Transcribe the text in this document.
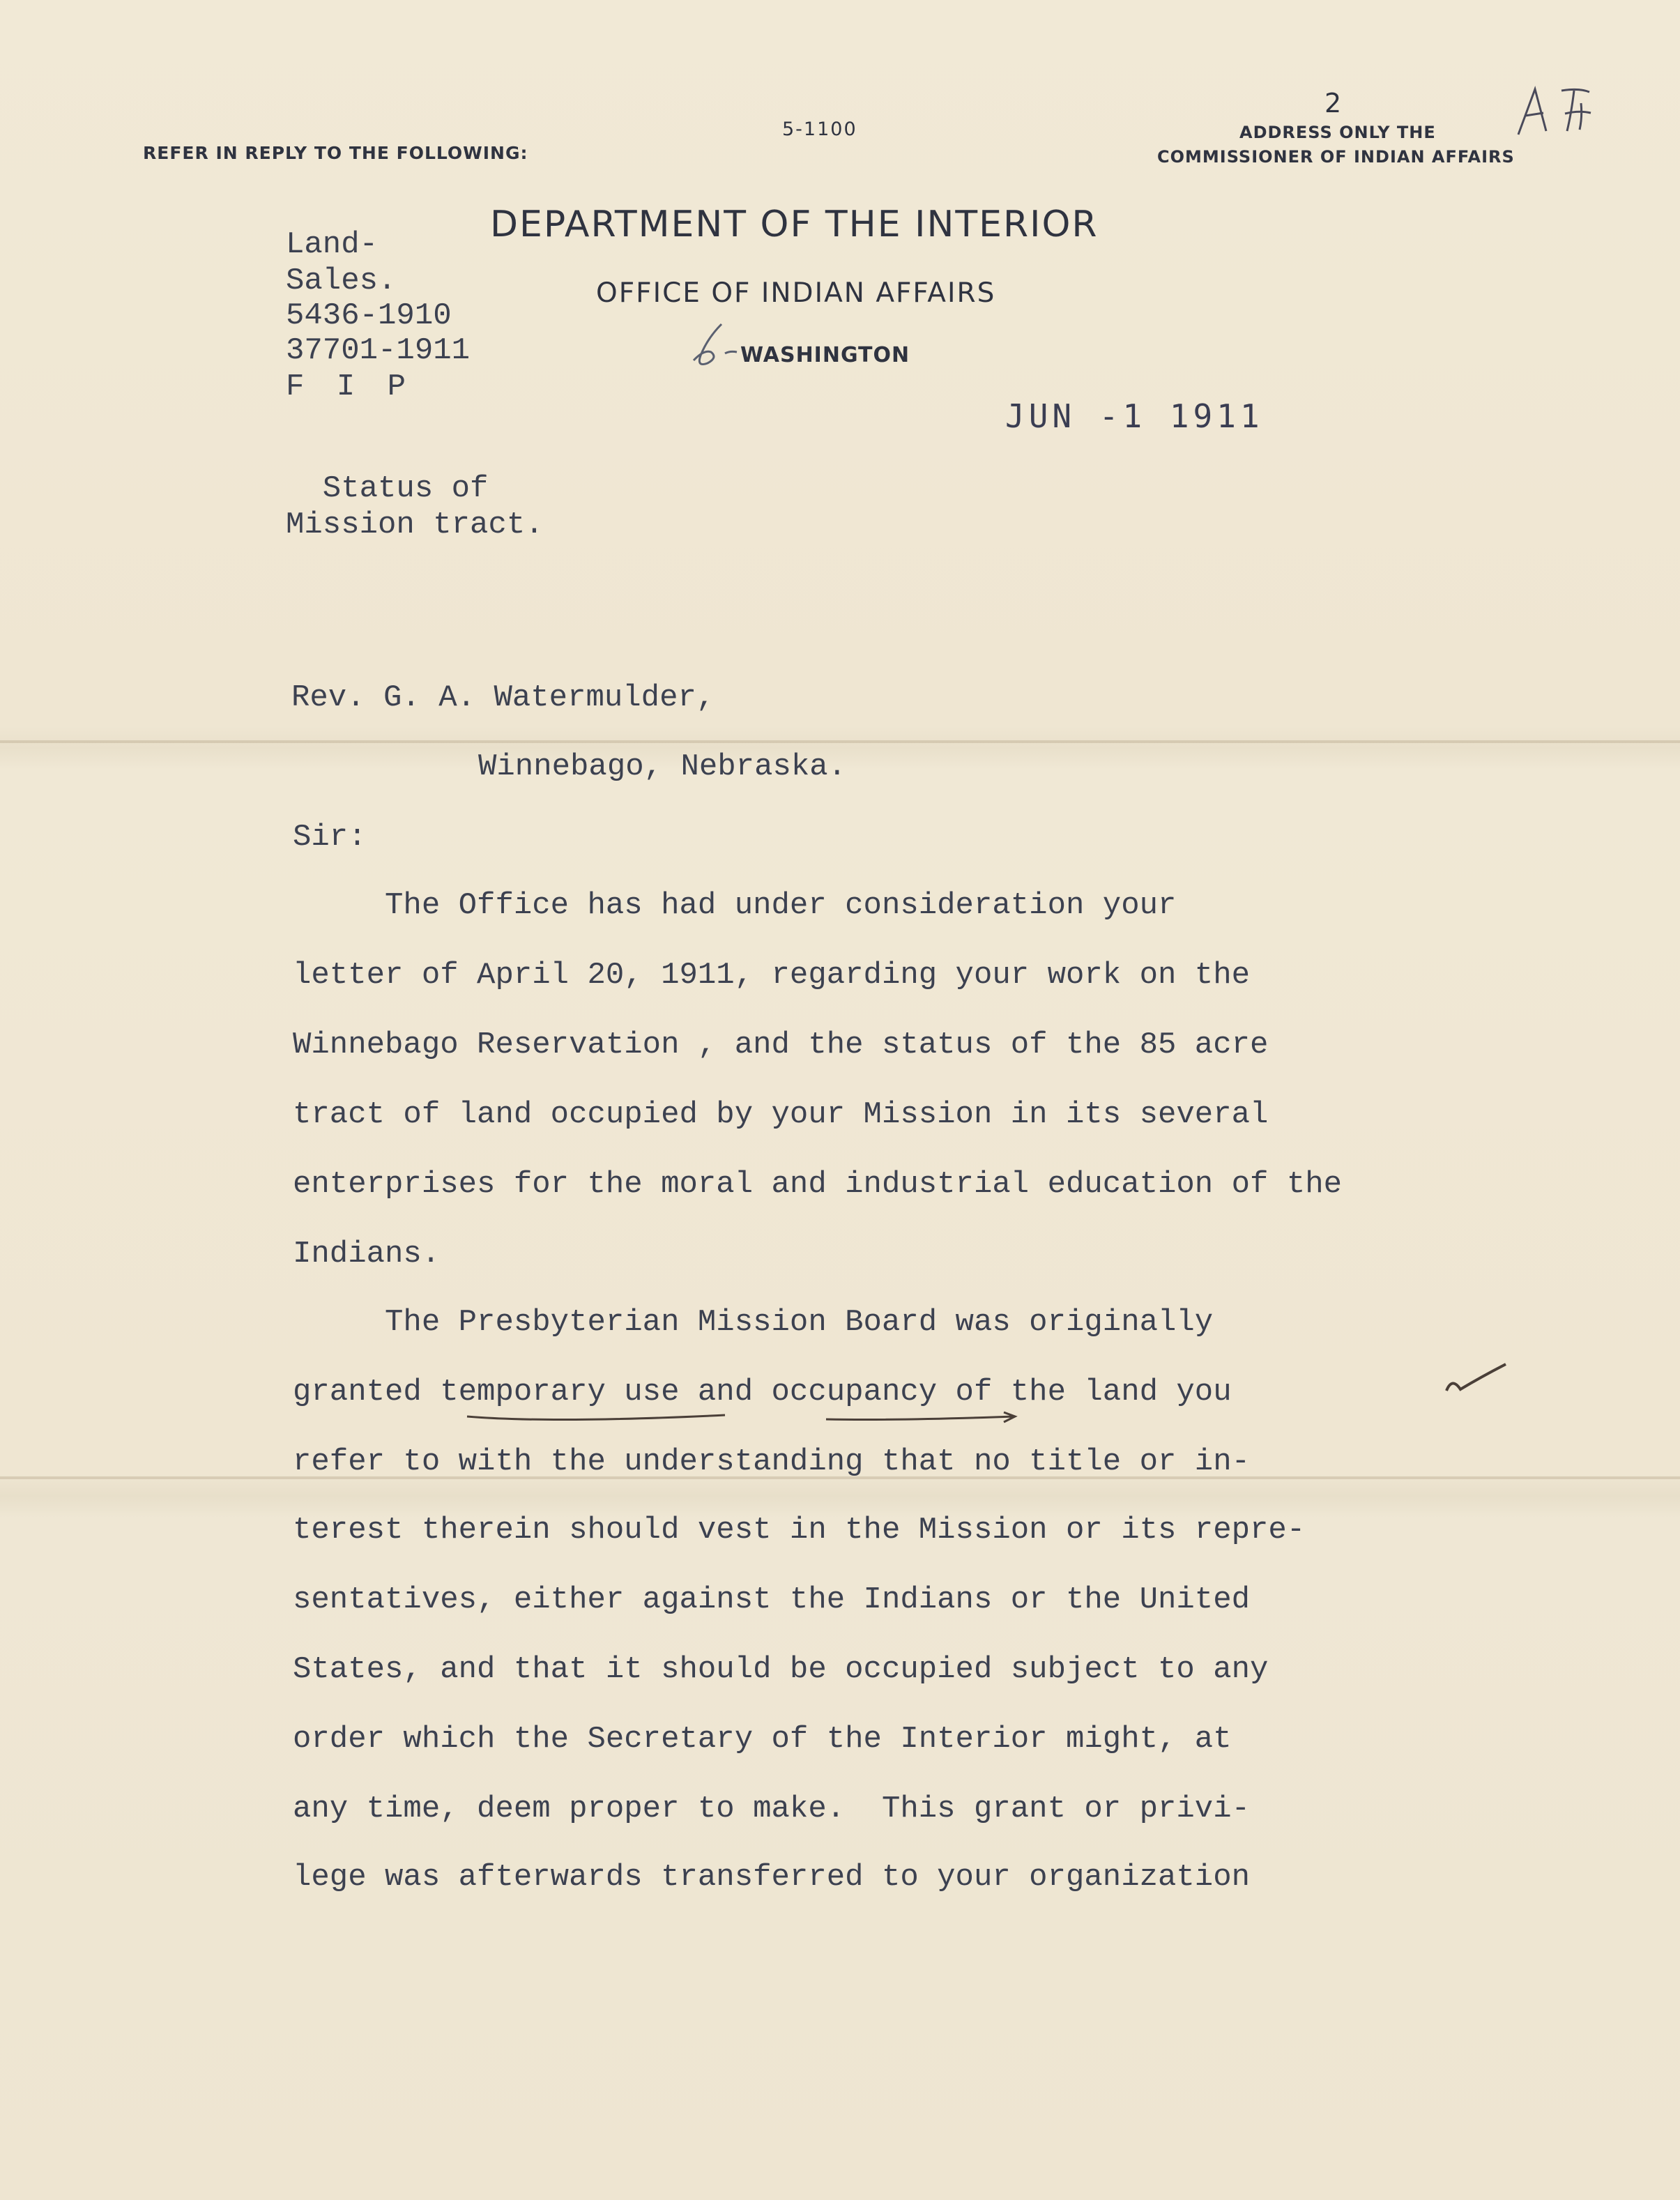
REFER IN REPLY TO THE FOLLOWING:
5-1100
2
ADDRESS ONLY THE
COMMISSIONER OF INDIAN AFFAIRS
DEPARTMENT OF THE INTERIOR
OFFICE OF INDIAN AFFAIRS
WASHINGTON
Land-
Sales.
5436-1910
37701-1911
F I P
JUN -1 1911
Status of
Mission tract.
Rev. G. A. Watermulder,
Winnebago, Nebraska.
Sir:
The Office has had under consideration your
letter of April 20, 1911, regarding your work on the
Winnebago Reservation , and the status of the 85 acre
tract of land occupied by your Mission in its several
enterprises for the moral and industrial education of the
Indians.
The Presbyterian Mission Board was originally
granted temporary use and occupancy of the land you
refer to with the understanding that no title or in-
terest therein should vest in the Mission or its repre-
sentatives, either against the Indians or the United
States, and that it should be occupied subject to any
order which the Secretary of the Interior might, at
any time, deem proper to make.  This grant or privi-
lege was afterwards transferred to your organization
